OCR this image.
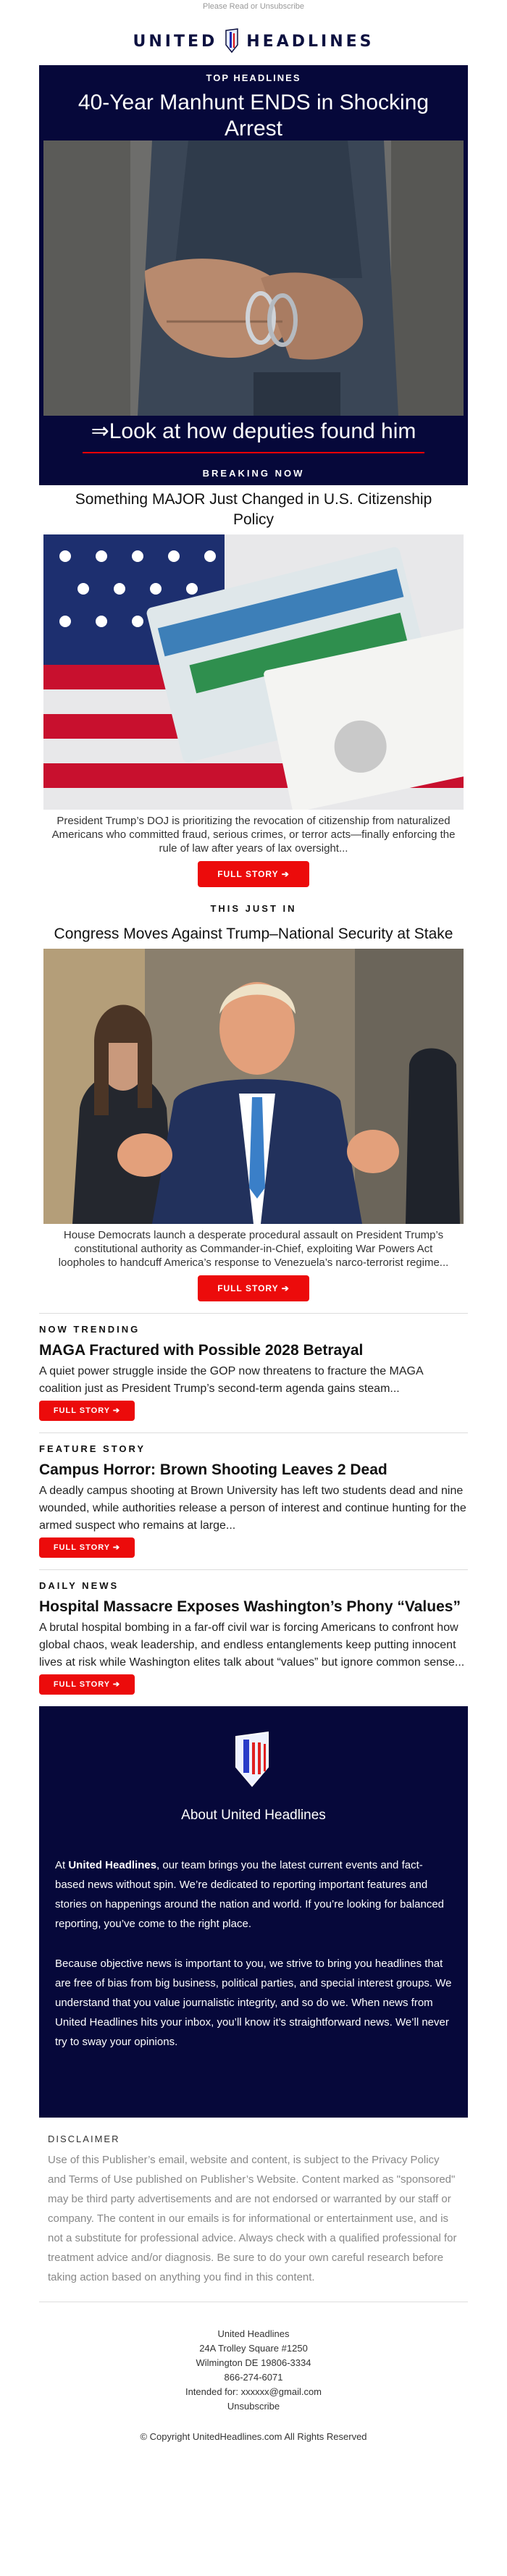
Please Read or Unsubscribe
UNITED HEADLINES
TOP HEADLINES
40-Year Manhunt ENDS in Shocking Arrest
⇒Look at how deputies found him
BREAKING NOW
Something MAJOR Just Changed in U.S. Citizenship Policy
President Trump’s DOJ is prioritizing the revocation of citizenship from naturalized Americans who committed fraud, serious crimes, or terror acts—finally enforcing the rule of law after years of lax oversight...
FULL STORY ➔
THIS JUST IN
Congress Moves Against Trump–National Security at Stake
House Democrats launch a desperate procedural assault on President Trump’s constitutional authority as Commander-in-Chief, exploiting War Powers Act loopholes to handcuff America’s response to Venezuela’s narco-terrorist regime...
FULL STORY ➔
NOW TRENDING
MAGA Fractured with Possible 2028 Betrayal
A quiet power struggle inside the GOP now threatens to fracture the MAGA coalition just as President Trump’s second-term agenda gains steam...
FULL STORY ➔
FEATURE STORY
Campus Horror: Brown Shooting Leaves 2 Dead
A deadly campus shooting at Brown University has left two students dead and nine wounded, while authorities release a person of interest and continue hunting for the armed suspect who remains at large...
FULL STORY ➔
DAILY NEWS
Hospital Massacre Exposes Washington’s Phony “Values”
A brutal hospital bombing in a far-off civil war is forcing Americans to confront how global chaos, weak leadership, and endless entanglements keep putting innocent lives at risk while Washington elites talk about “values” but ignore common sense...
FULL STORY ➔
About United Headlines
At United Headlines, our team brings you the latest current events and fact-based news without spin. We’re dedicated to reporting important features and stories on happenings around the nation and world. If you’re looking for balanced reporting, you’ve come to the right place.
Because objective news is important to you, we strive to bring you headlines that are free of bias from big business, political parties, and special interest groups. We understand that you value journalistic integrity, and so do we. When news from United Headlines hits your inbox, you’ll know it’s straightforward news. We’ll never try to sway your opinions.
DISCLAIMER
Use of this Publisher’s email, website and content, is subject to the Privacy Policy and Terms of Use published on Publisher’s Website. Content marked as "sponsored" may be third party advertisements and are not endorsed or warranted by our staff or company. The content in our emails is for informational or entertainment use, and is not a substitute for professional advice. Always check with a qualified professional for treatment advice and/or diagnosis. Be sure to do your own careful research before taking action based on anything you find in this content.
United Headlines
24A Trolley Square #1250
Wilmington DE 19806-3334
866-274-6071
Intended for: xxxxxx@gmail.com
Unsubscribe
© Copyright UnitedHeadlines.com All Rights Reserved
